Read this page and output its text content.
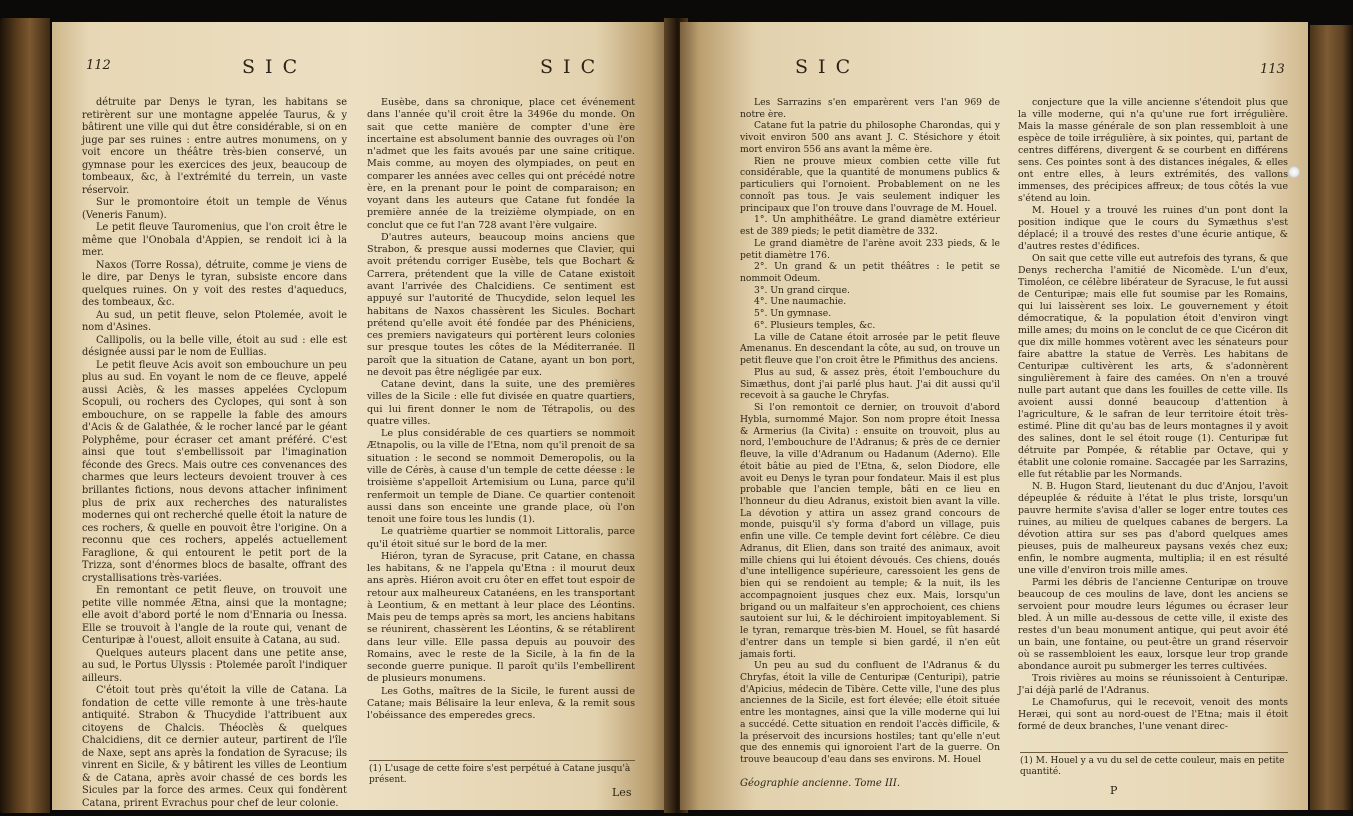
112	S I C	S I C

détruite par Denys le tyran, les habitans se retirèrent sur une montagne appelée Taurus, & y bâtirent une ville qui dut être considérable, si on en juge par ses ruines : entre autres monumens, on y voit encore un théâtre très-bien conservé, un gymnase pour les exercices des jeux, beaucoup de tombeaux, &c, à l'extrémité du terrein, un vaste réservoir.

Sur le promontoire étoit un temple de Vénus (Veneris Fanum).

Le petit fleuve Tauromenius, que l'on croit être le même que l'Onobala d'Appien, se rendoit ici à la mer.

Naxos (Torre Rossa), détruite, comme je viens de le dire, par Denys le tyran, subsiste encore dans quelques ruines. On y voit des restes d'aqueducs, des tombeaux, &c.

Au sud, un petit fleuve, selon Ptolemée, avoit le nom d'Asines.

Callipolis, ou la belle ville, étoit au sud : elle est désignée aussi par le nom de Eullias.

Le petit fleuve Acis avoit son embouchure un peu plus au sud. En voyant le nom de ce fleuve, appelé aussi Aciès, & les masses appelées Cyclopum Scopuli, ou rochers des Cyclopes, qui sont à son embouchure, on se rappelle la fable des amours d'Acis & de Galathée, & le rocher lancé par le géant Polyphême, pour écraser cet amant préféré. C'est ainsi que tout s'embellissoit par l'imagination féconde des Grecs. Mais outre ces convenances des charmes que leurs lecteurs devoient trouver à ces brillantes fictions, nous devons attacher infiniment plus de prix aux recherches des naturalistes modernes qui ont recherché quelle étoit la nature de ces rochers, & quelle en pouvoit être l'origine. On a reconnu que ces rochers, appelés actuellement Faraglione, & qui entourent le petit port de la Trizza, sont d'énormes blocs de basalte, offrant des crystallisations très-variées.

En remontant ce petit fleuve, on trouvoit une petite ville nommée Ætna, ainsi que la montagne; elle avoit d'abord porté le nom d'Ennaria ou Inessa. Elle se trouvoit à l'angle de la route qui, venant de Centuripæ à l'ouest, alloit ensuite à Catana, au sud.

Quelques auteurs placent dans une petite anse, au sud, le Portus Ulyssis : Ptolemée paroît l'indiquer ailleurs.

C'étoit tout près qu'étoit la ville de Catana. La fondation de cette ville remonte à une très-haute antiquité. Strabon & Thucydide l'attribuent aux citoyens de Chalcis. Théoclès & quelques Chalcidiens, dit ce dernier auteur, partirent de l'île de Naxe, sept ans après la fondation de Syracuse; ils vinrent en Sicile, & y bâtirent les villes de Leontium & de Catana, après avoir chassé de ces bords les Sicules par la force des armes. Ceux qui fondèrent Catana, prirent Evrachus pour chef de leur colonie.

Eusèbe, dans sa chronique, place cet événement dans l'année qu'il croit être la 3496e du monde. On sait que cette manière de compter d'une ère incertaine est absolument bannie des ouvrages où l'on n'admet que les faits avoués par une saine critique. Mais comme, au moyen des olympiades, on peut en comparer les années avec celles qui ont précédé notre ère, en la prenant pour le point de comparaison; en voyant dans les auteurs que Catane fut fondée la première année de la treizième olympiade, on en conclut que ce fut l'an 728 avant l'ère vulgaire.

D'autres auteurs, beaucoup moins anciens que Strabon, & presque aussi modernes que Clavier, qui avoit prétendu corriger Eusèbe, tels que Bochart & Carrera, prétendent que la ville de Catane existoit avant l'arrivée des Chalcidiens. Ce sentiment est appuyé sur l'autorité de Thucydide, selon lequel les habitans de Naxos chassèrent les Sicules. Bochart prétend qu'elle avoit été fondée par des Phéniciens, ces premiers navigateurs qui portèrent leurs colonies sur presque toutes les côtes de la Méditerranée. Il paroît que la situation de Catane, ayant un bon port, ne devoit pas être négligée par eux.

Catane devint, dans la suite, une des premières villes de la Sicile : elle fut divisée en quatre quartiers, qui lui firent donner le nom de Tétrapolis, ou des quatre villes.

Le plus considérable de ces quartiers se nommoit Ætnapolis, ou la ville de l'Etna, nom qu'il prenoit de sa situation : le second se nommoit Demeropolis, ou la ville de Cérès, à cause d'un temple de cette déesse : le troisième s'appelloit Artemisium ou Luna, parce qu'il renfermoit un temple de Diane. Ce quartier contenoit aussi dans son enceinte une grande place, où l'on tenoit une foire tous les lundis (1).

Le quatrième quartier se nommoit Littoralis, parce qu'il étoit situé sur le bord de la mer.

Hiéron, tyran de Syracuse, prit Catane, en chassa les habitans, & ne l'appela qu'Etna : il mourut deux ans après. Hiéron avoit cru ôter en effet tout espoir de retour aux malheureux Catanéens, en les transportant à Leontium, & en mettant à leur place des Léontins. Mais peu de temps après sa mort, les anciens habitans se réunirent, chassèrent les Léontins, & se rétablirent dans leur ville. Elle passa depuis au pouvoir des Romains, avec le reste de la Sicile, à la fin de la seconde guerre punique. Il paroît qu'ils l'embellirent de plusieurs monumens.

Les Goths, maîtres de la Sicile, le furent aussi de Catane; mais Bélisaire la leur enleva, & la remit sous l'obéissance des emperedes grecs.

(1) L'usage de cette foire s'est perpétué à Catane jusqu'à présent.
Les
S I C	113

Les Sarrazins s'en emparèrent vers l'an 969 de notre ère.

Catane fut la patrie du philosophe Charondas, qui y vivoit environ 500 ans avant J. C. Stésichore y étoit mort environ 556 ans avant la même ère.

Rien ne prouve mieux combien cette ville fut considérable, que la quantité de monumens publics & particuliers qui l'ornoient. Probablement on ne les connoît pas tous. Je vais seulement indiquer les principaux que l'on trouve dans l'ouvrage de M. Houel.

1°. Un amphithéâtre. Le grand diamètre extérieur est de 389 pieds; le petit diamètre de 332.

Le grand diamètre de l'arène avoit 233 pieds, & le petit diamètre 176.

2°. Un grand & un petit théâtres : le petit se nommoit Odeum.

3°. Un grand cirque.

4°. Une naumachie.

5°. Un gymnase.

6°. Plusieurs temples, &c.

La ville de Catane étoit arrosée par le petit fleuve Amenanus. En descendant la côte, au sud, on trouve un petit fleuve que l'on croit être le Pfimithus des anciens.

Plus au sud, & assez près, étoit l'embouchure du Simæthus, dont j'ai parlé plus haut. J'ai dit aussi qu'il recevoit à sa gauche le Chryfas.

Si l'on remontoit ce dernier, on trouvoit d'abord Hybla, surnommé Major. Son nom propre étoit Inessa & Armerius (la Civita) : ensuite on trouvoit, plus au nord, l'embouchure de l'Adranus; & près de ce dernier fleuve, la ville d'Adranum ou Hadanum (Aderno). Elle étoit bâtie au pied de l'Etna, &, selon Diodore, elle avoit eu Denys le tyran pour fondateur. Mais il est plus probable que l'ancien temple, bâti en ce lieu en l'honneur du dieu Adranus, existoit bien avant la ville. La dévotion y attira un assez grand concours de monde, puisqu'il s'y forma d'abord un village, puis enfin une ville. Ce temple devint fort célèbre. Ce dieu Adranus, dit Elien, dans son traité des animaux, avoit mille chiens qui lui étoient dévoués. Ces chiens, doués d'une intelligence supérieure, caressoient les gens de bien qui se rendoient au temple; & la nuit, ils les accompagnoient jusques chez eux. Mais, lorsqu'un brigand ou un malfaiteur s'en approchoient, ces chiens sautoient sur lui, & le déchiroient impitoyablement. Si le tyran, remarque très-bien M. Houel, se fût hasardé d'entrer dans un temple si bien gardé, il n'en eût jamais forti.

Un peu au sud du confluent de l'Adranus & du Chryfas, étoit la ville de Centuripæ (Centuripi), patrie d'Apicius, médecin de Tibère. Cette ville, l'une des plus anciennes de la Sicile, est fort élevée; elle étoit située entre les montagnes, ainsi que la ville moderne qui lui a succédé. Cette situation en rendoit l'accès difficile, & la préservoit des incursions hostiles; tant qu'elle n'eut que des ennemis qui ignoroient l'art de la guerre. On trouve beaucoup d'eau dans ses environs. M. Houel

conjecture que la ville ancienne s'étendoit plus que la ville moderne, qui n'a qu'une rue fort irrégulière. Mais la masse générale de son plan ressembloit à une espèce de toile irrégulière, à six pointes, qui, partant de centres différens, divergent & se courbent en différens sens. Ces pointes sont à des distances inégales, & elles ont entre elles, à leurs extrémités, des vallons immenses, des précipices affreux; de tous côtés la vue s'étend au loin.

M. Houel y a trouvé les ruines d'un pont dont la position indique que le cours du Symæthus s'est déplacé; il a trouvé des restes d'une écurie antique, & d'autres restes d'édifices.

On sait que cette ville eut autrefois des tyrans, & que Denys rechercha l'amitié de Nicomède. L'un d'eux, Timoléon, ce célèbre libérateur de Syracuse, le fut aussi de Centuripæ; mais elle fut soumise par les Romains, qui lui laissèrent ses loix. Le gouvernement y étoit démocratique, & la population étoit d'environ vingt mille ames; du moins on le conclut de ce que Cicéron dit que dix mille hommes votèrent avec les sénateurs pour faire abattre la statue de Verrès. Les habitans de Centuripæ cultivèrent les arts, & s'adonnèrent singulièrement à faire des camées. On n'en a trouvé nulle part autant que dans les fouilles de cette ville. Ils avoient aussi donné beaucoup d'attention à l'agriculture, & le safran de leur territoire étoit très-estimé. Pline dit qu'au bas de leurs montagnes il y avoit des salines, dont le sel étoit rouge (1). Centuripæ fut détruite par Pompée, & rétablie par Octave, qui y établit une colonie romaine. Saccagée par les Sarrazins, elle fut rétablie par les Normands.

N. B. Hugon Stard, lieutenant du duc d'Anjou, l'avoit dépeuplée & réduite à l'état le plus triste, lorsqu'un pauvre hermite s'avisa d'aller se loger entre toutes ces ruines, au milieu de quelques cabanes de bergers. La dévotion attira sur ses pas d'abord quelques ames pieuses, puis de malheureux paysans vexés chez eux; enfin, le nombre augmenta, multiplia; il en est résulté une ville d'environ trois mille ames.

Parmi les débris de l'ancienne Centuripæ on trouve beaucoup de ces moulins de lave, dont les anciens se servoient pour moudre leurs légumes ou écraser leur bled. À un mille au-dessous de cette ville, il existe des restes d'un beau monument antique, qui peut avoir été un bain, une fontaine, ou peut-être un grand réservoir où se rassembloient les eaux, lorsque leur trop grande abondance auroit pu submerger les terres cultivées.

Trois rivières au moins se réunissoient à Centuripæ. J'ai déjà parlé de l'Adranus.

Le Chamofurus, qui le recevoit, venoit des monts Heræi, qui sont au nord-ouest de l'Etna; mais il étoit formé de deux branches, l'une venant direc-

Géographie ancienne. Tome III.
(1) M. Houel y a vu du sel de cette couleur, mais en petite quantité.
P
